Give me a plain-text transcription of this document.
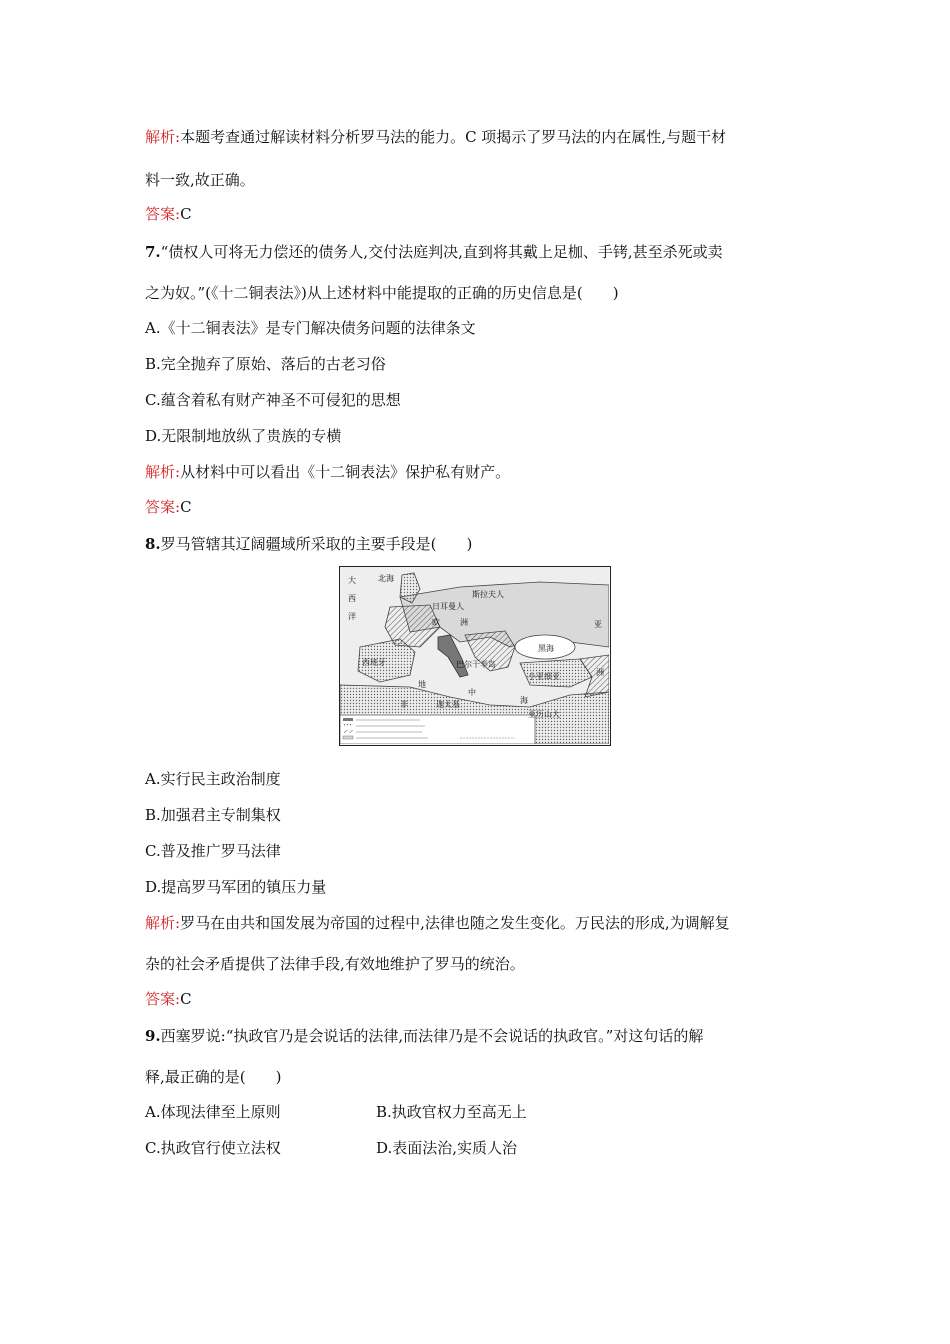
解析:本题考查通过解读材料分析罗马法的能力。C 项揭示了罗马法的内在属性,与题干材
料一致,故正确。
答案:C
7.“债权人可将无力偿还的债务人,交付法庭判决,直到将其戴上足枷、手铐,甚至杀死或卖
之为奴。”(《十二铜表法》)从上述材料中能提取的正确的历史信息是(　　)
A.《十二铜表法》是专门解决债务问题的法律条文
B.完全抛弃了原始、落后的古老习俗
C.蕴含着私有财产神圣不可侵犯的思想
D.无限制地放纵了贵族的专横
解析:从材料中可以看出《十二铜表法》保护私有财产。
答案:C
8.罗马管辖其辽阔疆域所采取的主要手段是(　　)
大
西
洋
北 海
斯拉夫人
日耳曼人
欧	洲
西班牙
非
地
中
海
迦太基
巴尔干半岛
黑海
小亚细亚
亚
洲
亚历山大
A.实行民主政治制度
B.加强君主专制集权
C.普及推广罗马法律
D.提高罗马军团的镇压力量
解析:罗马在由共和国发展为帝国的过程中,法律也随之发生变化。万民法的形成,为调解复
杂的社会矛盾提供了法律手段,有效地维护了罗马的统治。
答案:C
9.西塞罗说:“执政官乃是会说话的法律,而法律乃是不会说话的执政官。”对这句话的解
释,最正确的是(　　)
A.体现法律至上原则	B.执政官权力至高无上
C.执政官行使立法权	D.表面法治,实质人治
